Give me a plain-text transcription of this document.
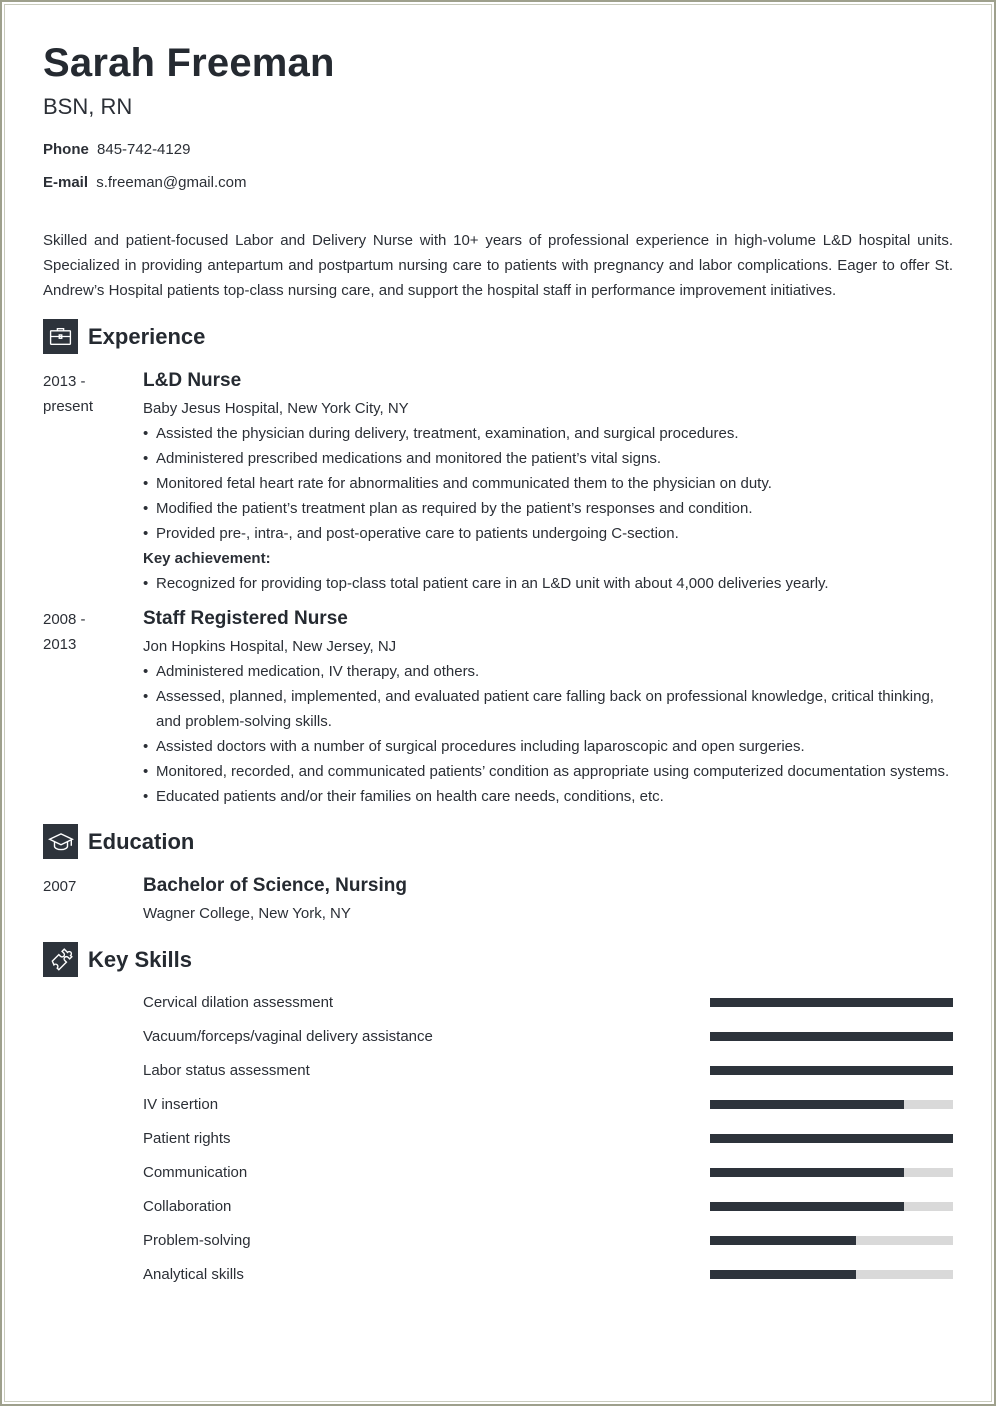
Sarah Freeman
BSN, RN
Phone 845-742-4129
E-mail s.freeman@gmail.com

Skilled and patient-focused Labor and Delivery Nurse with 10+ years of professional experience in high-volume L&D hospital units. Specialized in providing antepartum and postpartum nursing care to patients with pregnancy and labor complications. Eager to offer St. Andrew’s Hospital patients top-class nursing care, and support the hospital staff in performance improvement initiatives.

Experience
2013 -
present
L&D Nurse
Baby Jesus Hospital, New York City, NY
• Assisted the physician during delivery, treatment, examination, and surgical procedures.
• Administered prescribed medications and monitored the patient’s vital signs.
• Monitored fetal heart rate for abnormalities and communicated them to the physician on duty.
• Modified the patient’s treatment plan as required by the patient’s responses and condition.
• Provided pre-, intra-, and post-operative care to patients undergoing C-section.
Key achievement:
• Recognized for providing top-class total patient care in an L&D unit with about 4,000 deliveries yearly.
2008 -
2013
Staff Registered Nurse
Jon Hopkins Hospital, New Jersey, NJ
• Administered medication, IV therapy, and others.
• Assessed, planned, implemented, and evaluated patient care falling back on professional knowledge, critical thinking, and problem-solving skills.
• Assisted doctors with a number of surgical procedures including laparoscopic and open surgeries.
• Monitored, recorded, and communicated patients’ condition as appropriate using computerized documentation systems.
• Educated patients and/or their families on health care needs, conditions, etc.
Education
2007	Bachelor of Science, Nursing
Wagner College, New York, NY
Key Skills
Cervical dilation assessment
Vacuum/forceps/vaginal delivery assistance
Labor status assessment
IV insertion
Patient rights
Communication
Collaboration
Problem-solving
Analytical skills
